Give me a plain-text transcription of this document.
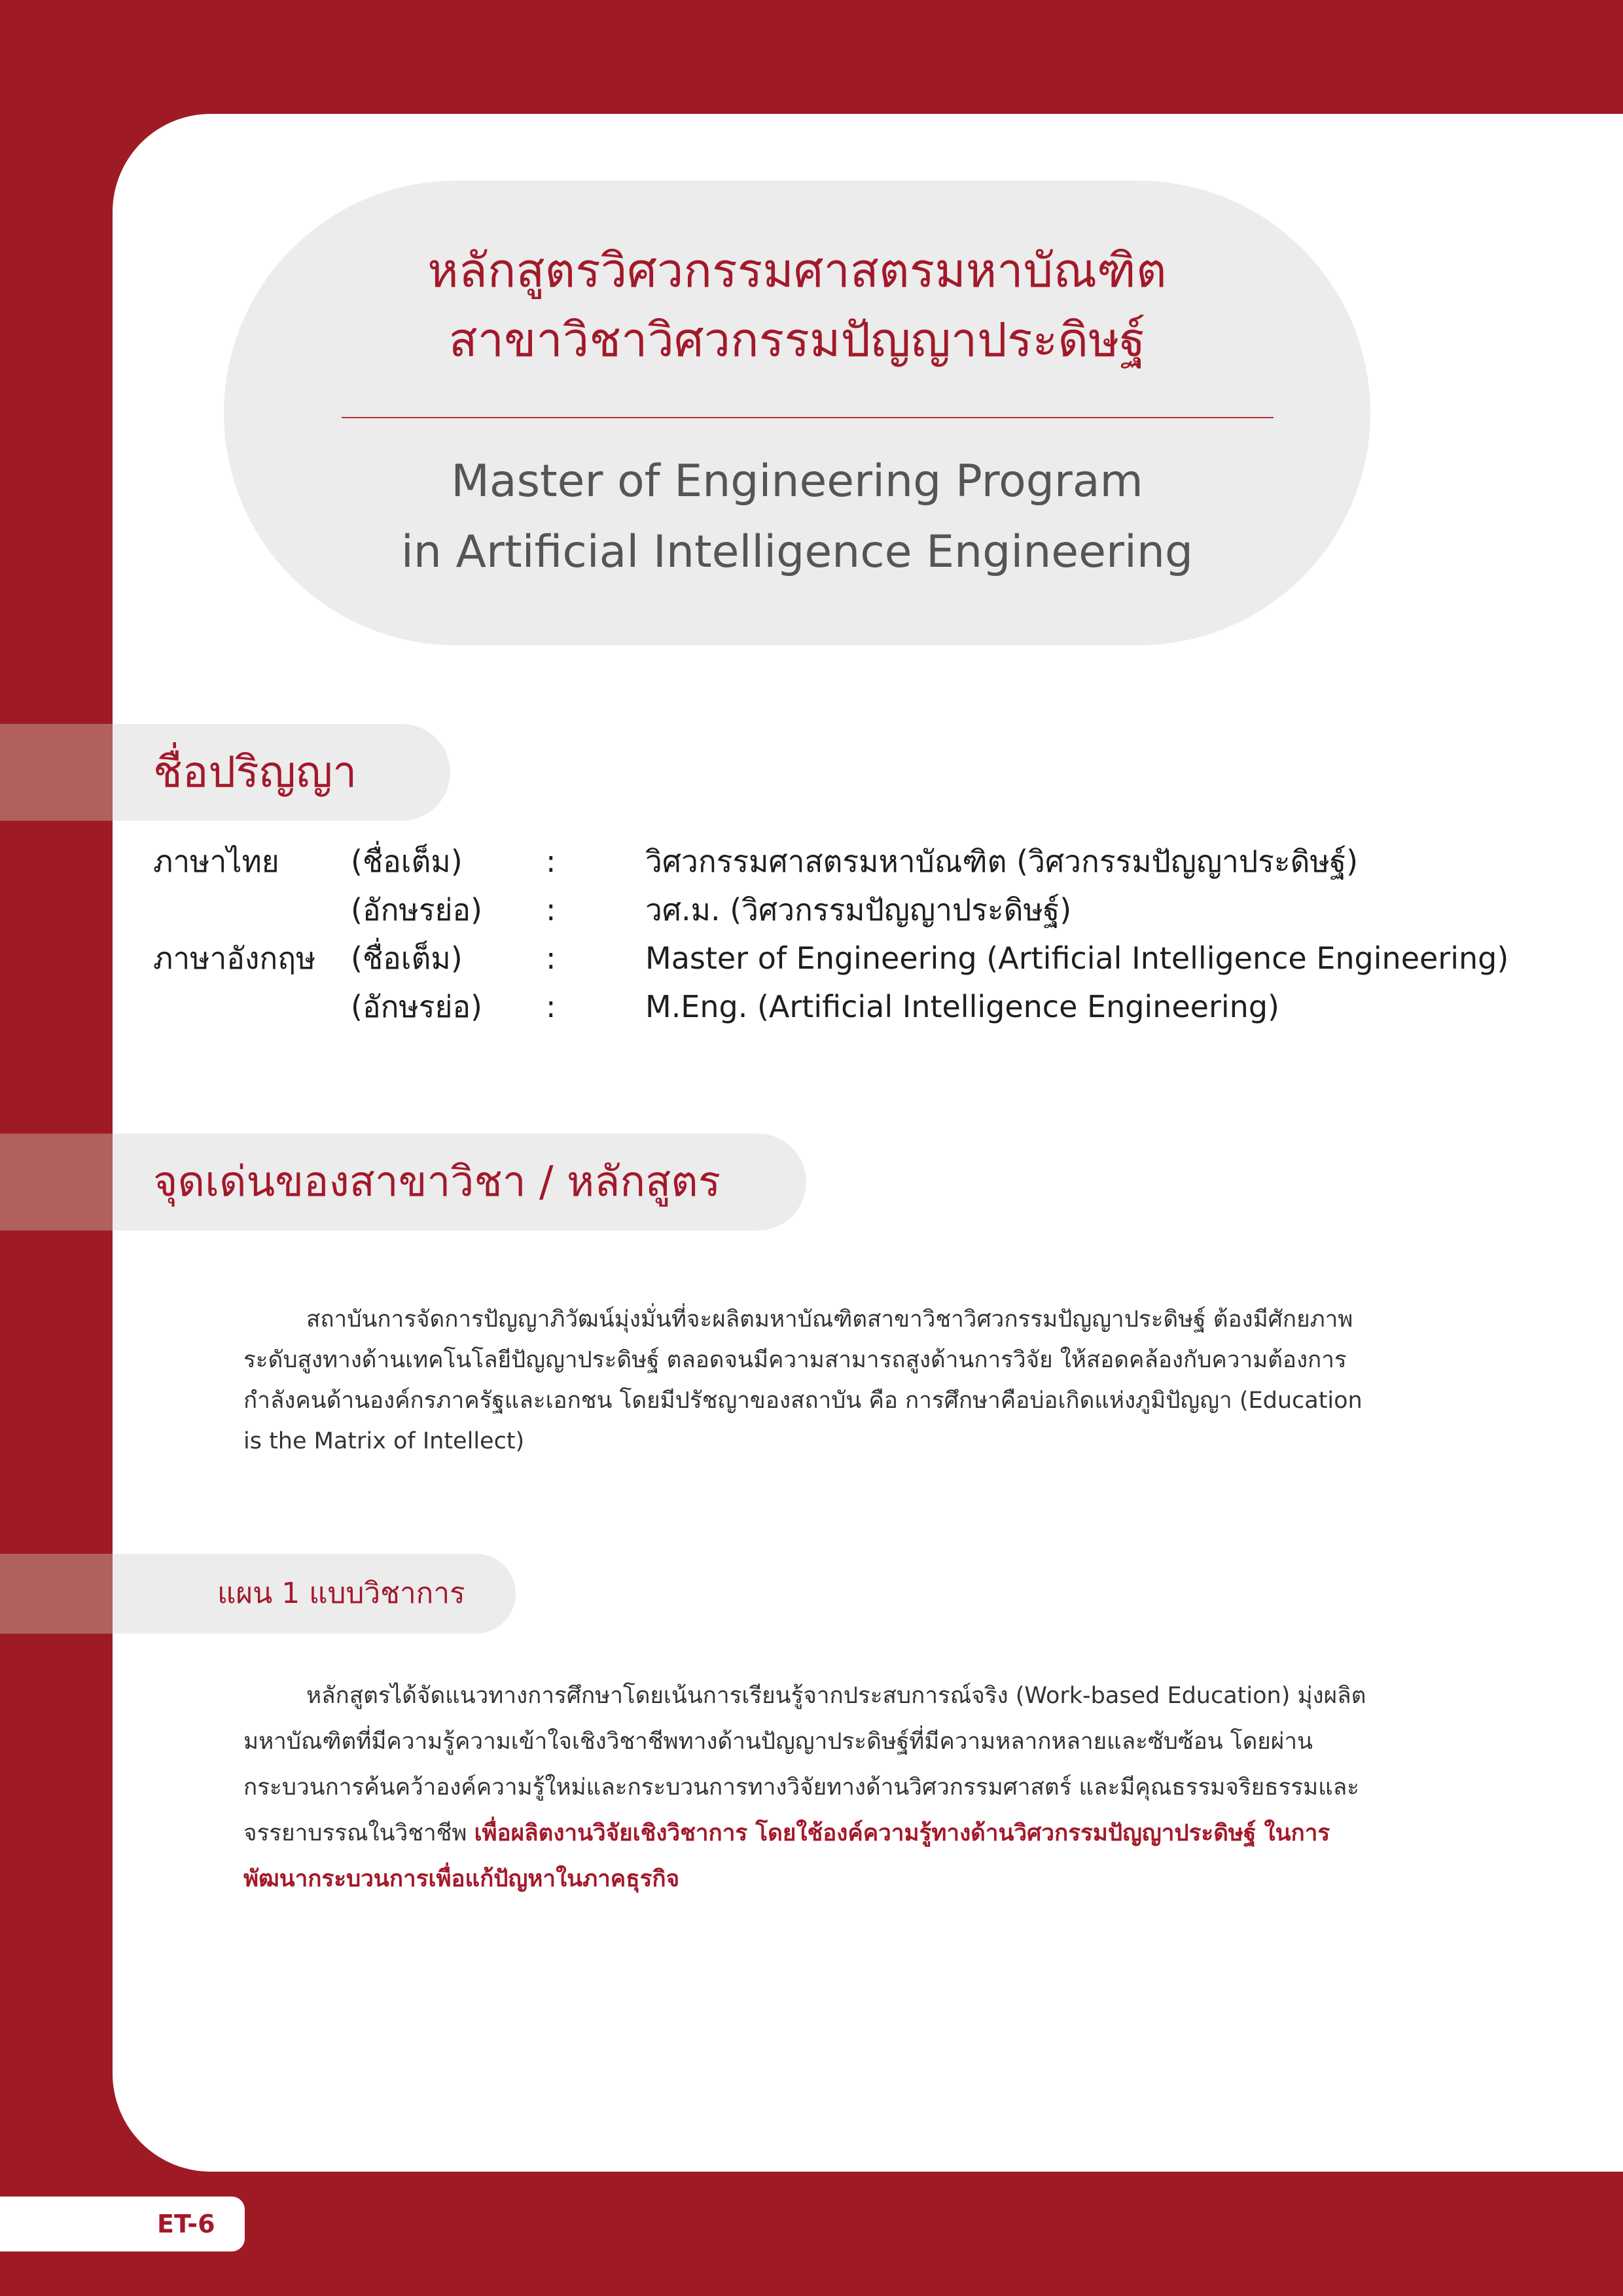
หลักสูตรวิศวกรรมศาสตรมหาบัณฑิต
สาขาวิชาวิศวกรรมปัญญาประดิษฐ์
Master of Engineering Program
in Artificial Intelligence Engineering
ชื่อปริญญา
ภาษาไทย (ชื่อเต็ม)	:	วิศวกรรมศาสตรมหาบัณฑิต (วิศวกรรมปัญญาประดิษฐ์)
(อักษรย่อ) :	วศ.ม. (วิศวกรรมปัญญาประดิษฐ์)
ภาษาอังกฤษ (ชื่อเต็ม)	:	Master of Engineering (Artificial Intelligence Engineering)
(อักษรย่อ) :	M.Eng. (Artificial Intelligence Engineering)
จุดเด่นของสาขาวิชา / หลักสูตร

สถาบันการจัดการปัญญาภิวัฒน์มุ่งมั่นที่จะผลิตมหาบัณฑิตสาขาวิชาวิศวกรรมปัญญาประดิษฐ์ ต้องมีศักยภาพ

ระดับสูงทางด้านเทคโนโลยีปัญญาประดิษฐ์ ตลอดจนมีความสามารถสูงด้านการวิจัย ให้สอดคล้องกับความต้องการ

กำลังคนด้านองค์กรภาครัฐและเอกชน โดยมีปรัชญาของสถาบัน คือ การศึกษาคือบ่อเกิดแห่งภูมิปัญญา (Education

is the Matrix of Intellect)

แผน 1 แบบวิชาการ

หลักสูตรได้จัดแนวทางการศึกษาโดยเน้นการเรียนรู้จากประสบการณ์จริง (Work-based Education) มุ่งผลิต

มหาบัณฑิตที่มีความรู้ความเข้าใจเชิงวิชาชีพทางด้านปัญญาประดิษฐ์ที่มีความหลากหลายและซับซ้อน โดยผ่าน

กระบวนการค้นคว้าองค์ความรู้ใหม่และกระบวนการทางวิจัยทางด้านวิศวกรรมศาสตร์ และมีคุณธรรมจริยธรรมและ

จรรยาบรรณในวิชาชีพ เพื่อผลิตงานวิจัยเชิงวิชาการ โดยใช้องค์ความรู้ทางด้านวิศวกรรมปัญญาประดิษฐ์ ในการ

พัฒนากระบวนการเพื่อแก้ปัญหาในภาคธุรกิจ

ET-6
